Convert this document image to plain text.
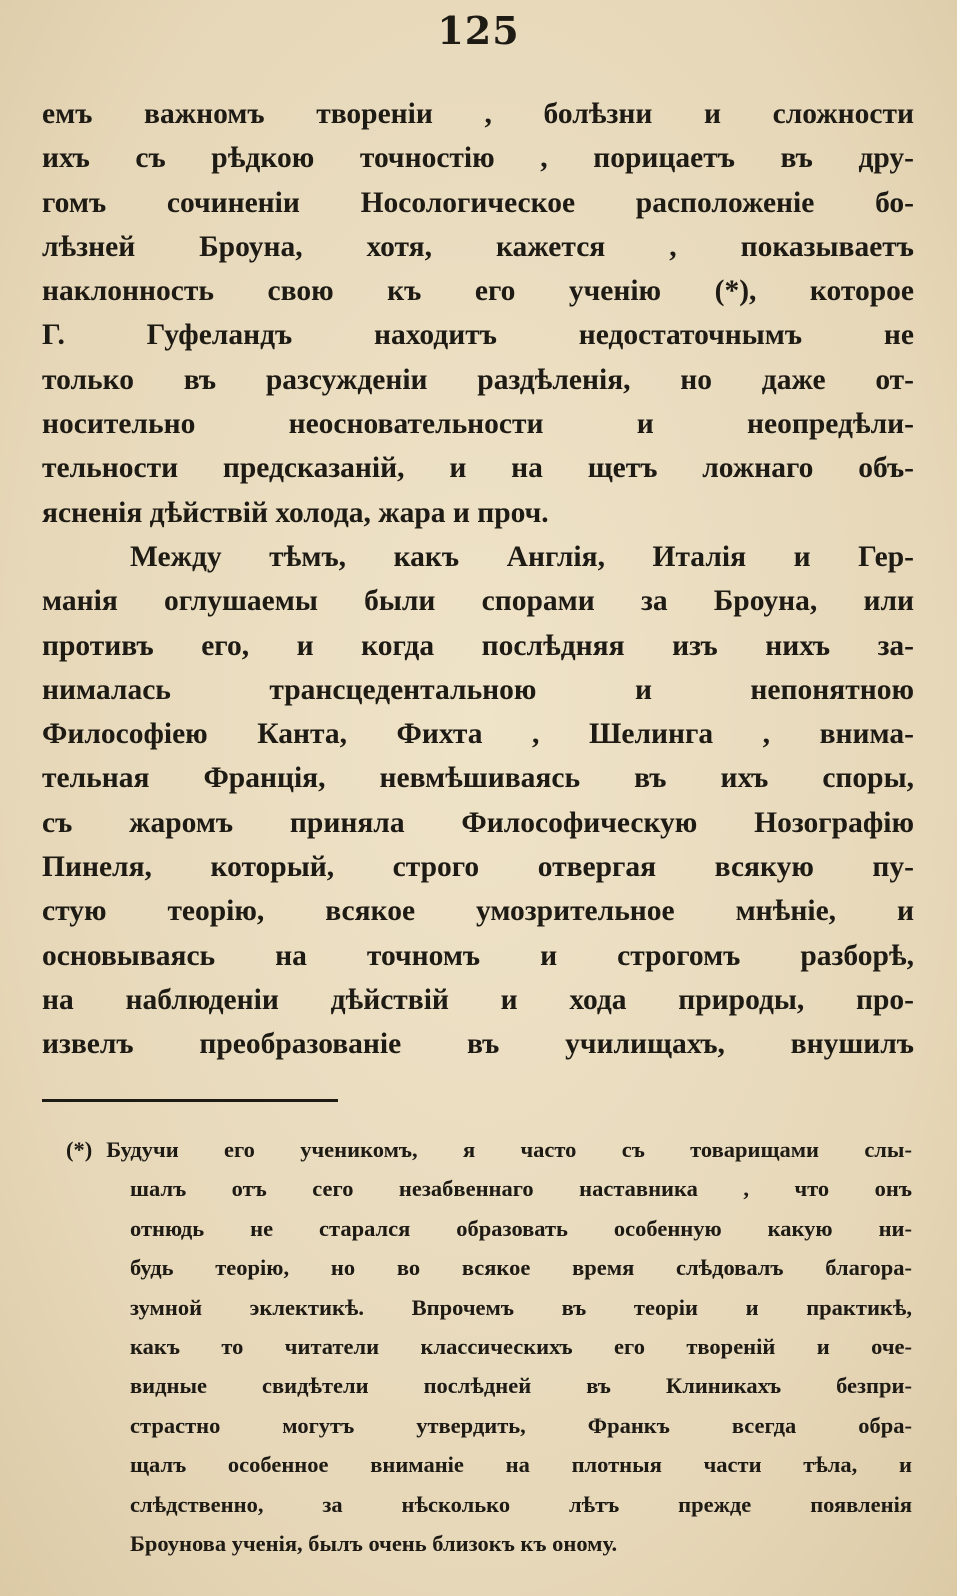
125
емъ важномъ твореніи , болѣзни и сложности
ихъ съ рѣдкою точностію , порицаетъ въ дру-
гомъ сочиненіи Носологическое расположеніе бо-
лѣзней Броуна, хотя, кажется , показываетъ
наклонность свою къ его ученію (*), которое
Г. Гуфеландъ находитъ недостаточнымъ не
только въ разсужденіи раздѣленія, но даже от-
носительно неосновательности и неопредѣли-
тельности предсказаній, и на щетъ ложнаго объ-
ясненія дѣйствій холода, жара и проч.
Между тѣмъ, какъ Англія, Италія и Гер-
манія оглушаемы были спорами за Броуна, или
противъ его, и когда послѣдняя изъ нихъ за-
нималась трансцедентальною и непонятною
Философіею Канта, Фихта , Шелинга , внима-
тельная Франція, невмѣшиваясь въ ихъ споры,
съ жаромъ приняла Философическую Нозографію
Пинеля, который, строго отвергая всякую пу-
стую теорію, всякое умозрительное мнѣніе, и
основываясь на точномъ и строгомъ разборѣ,
на наблюденіи дѣйствій и хода природы, про-
извелъ преобразованіе въ училищахъ, внушилъ
(*) Будучи его ученикомъ, я часто съ товарищами слы-
шалъ отъ сего незабвеннаго наставника , что онъ
отнюдь не старался образовать особенную какую ни-
будь теорію, но во всякое время слѣдовалъ благора-
зумной эклектикѣ. Впрочемъ въ теоріи и практикѣ,
какъ то читатели классическихъ его твореній и оче-
видные свидѣтели послѣдней въ Клиникахъ безпри-
страстно могутъ утвердить, Франкъ всегда обра-
щалъ особенное вниманіе на плотныя части тѣла, и
слѣдственно, за нѣсколько лѣтъ прежде появленія
Броунова ученія, былъ очень близокъ къ оному.
